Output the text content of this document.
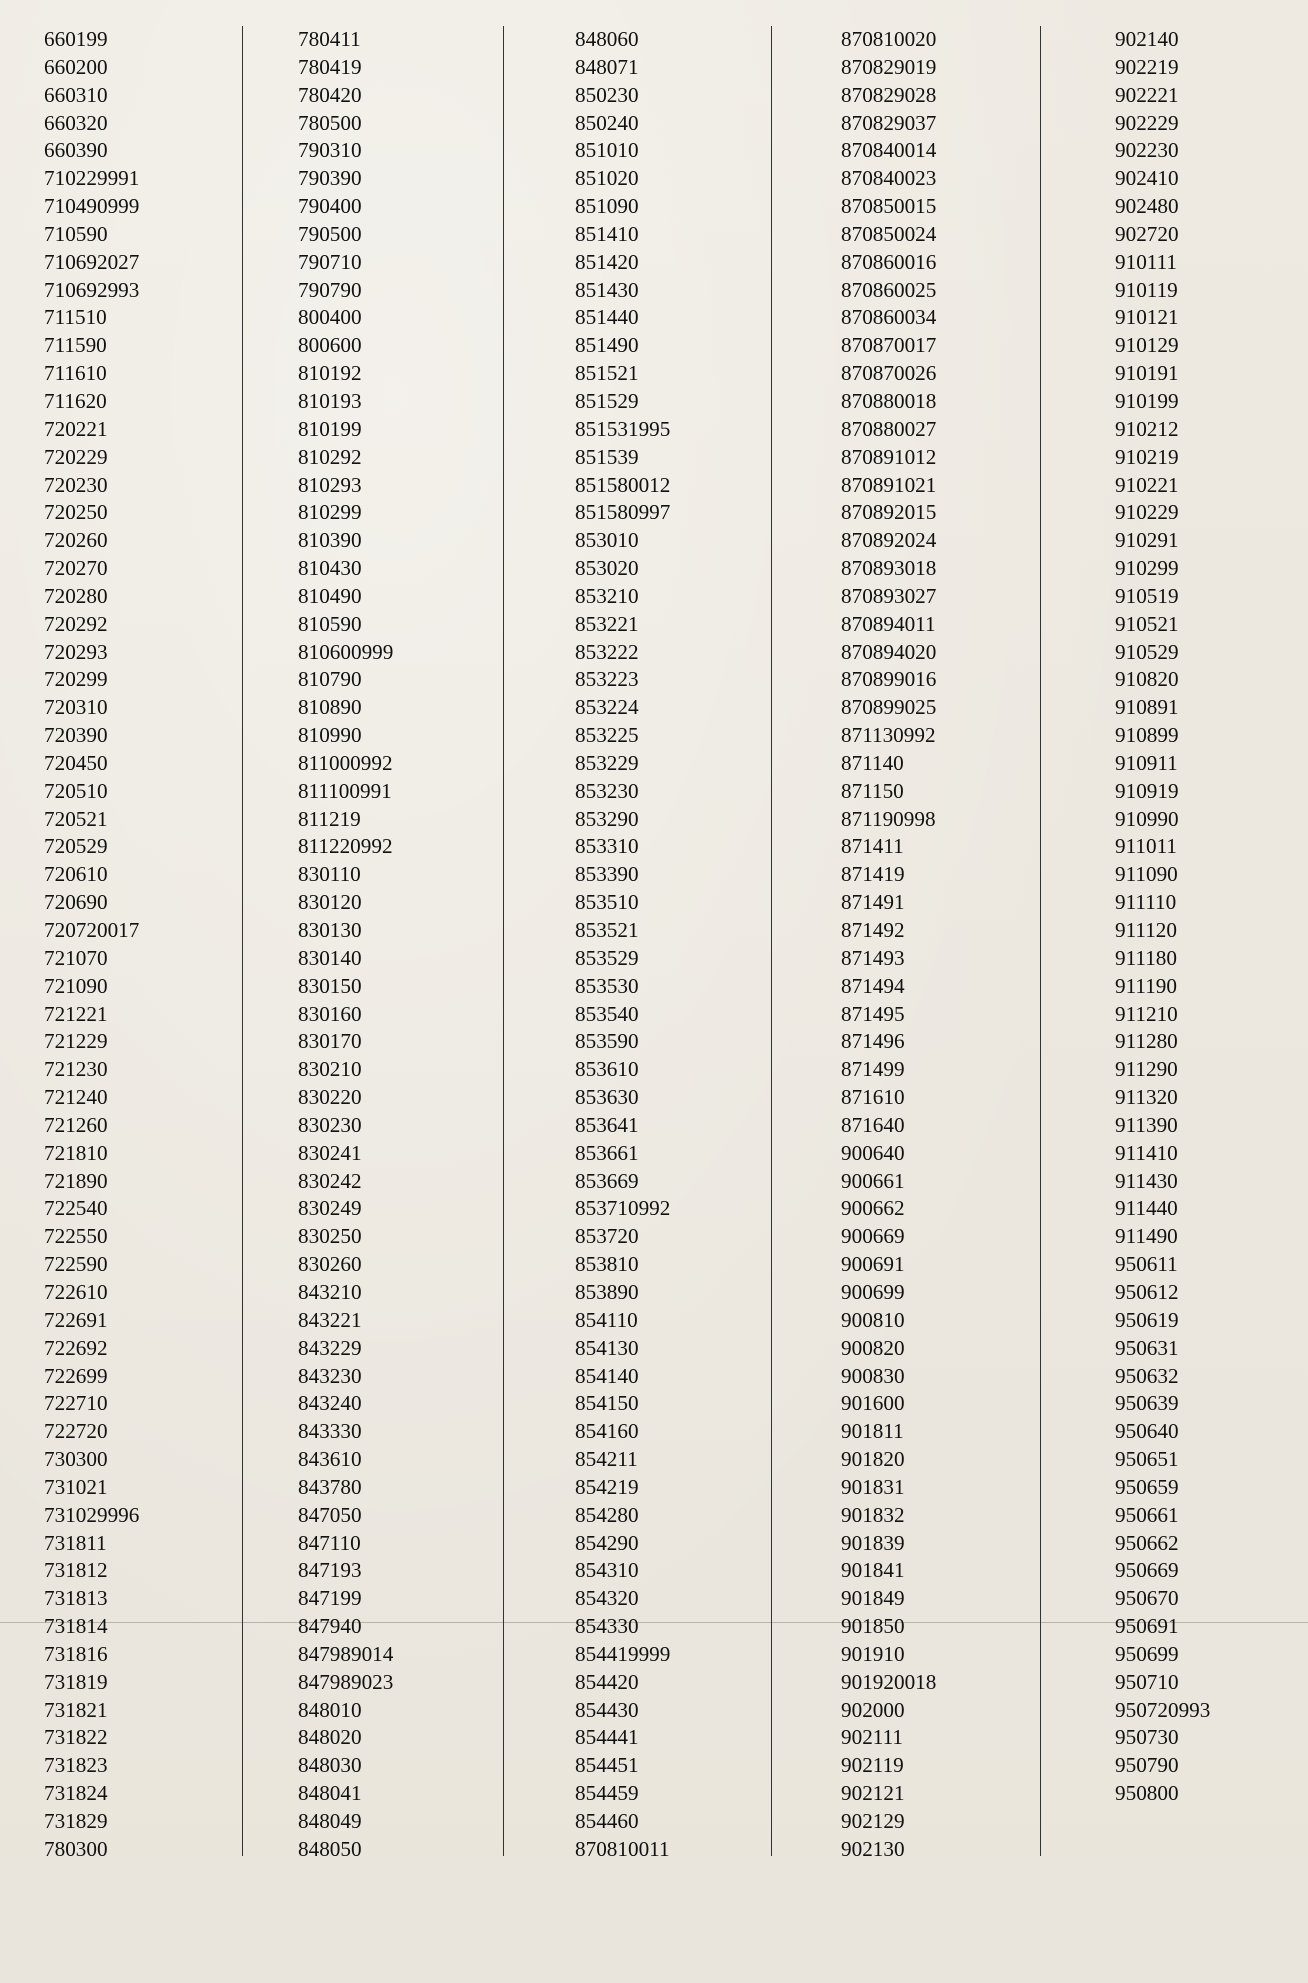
660199
660200
660310
660320
660390
710229991
710490999
710590
710692027
710692993
711510
711590
711610
711620
720221
720229
720230
720250
720260
720270
720280
720292
720293
720299
720310
720390
720450
720510
720521
720529
720610
720690
720720017
721070
721090
721221
721229
721230
721240
721260
721810
721890
722540
722550
722590
722610
722691
722692
722699
722710
722720
730300
731021
731029996
731811
731812
731813
731814
731816
731819
731821
731822
731823
731824
731829
780300
780411
780419
780420
780500
790310
790390
790400
790500
790710
790790
800400
800600
810192
810193
810199
810292
810293
810299
810390
810430
810490
810590
810600999
810790
810890
810990
811000992
811100991
811219
811220992
830110
830120
830130
830140
830150
830160
830170
830210
830220
830230
830241
830242
830249
830250
830260
843210
843221
843229
843230
843240
843330
843610
843780
847050
847110
847193
847199
847940
847989014
847989023
848010
848020
848030
848041
848049
848050
848060
848071
850230
850240
851010
851020
851090
851410
851420
851430
851440
851490
851521
851529
851531995
851539
851580012
851580997
853010
853020
853210
853221
853222
853223
853224
853225
853229
853230
853290
853310
853390
853510
853521
853529
853530
853540
853590
853610
853630
853641
853661
853669
853710992
853720
853810
853890
854110
854130
854140
854150
854160
854211
854219
854280
854290
854310
854320
854330
854419999
854420
854430
854441
854451
854459
854460
870810011
870810020
870829019
870829028
870829037
870840014
870840023
870850015
870850024
870860016
870860025
870860034
870870017
870870026
870880018
870880027
870891012
870891021
870892015
870892024
870893018
870893027
870894011
870894020
870899016
870899025
871130992
871140
871150
871190998
871411
871419
871491
871492
871493
871494
871495
871496
871499
871610
871640
900640
900661
900662
900669
900691
900699
900810
900820
900830
901600
901811
901820
901831
901832
901839
901841
901849
901850
901910
901920018
902000
902111
902119
902121
902129
902130
902140
902219
902221
902229
902230
902410
902480
902720
910111
910119
910121
910129
910191
910199
910212
910219
910221
910229
910291
910299
910519
910521
910529
910820
910891
910899
910911
910919
910990
911011
911090
911110
911120
911180
911190
911210
911280
911290
911320
911390
911410
911430
911440
911490
950611
950612
950619
950631
950632
950639
950640
950651
950659
950661
950662
950669
950670
950691
950699
950710
950720993
950730
950790
950800
